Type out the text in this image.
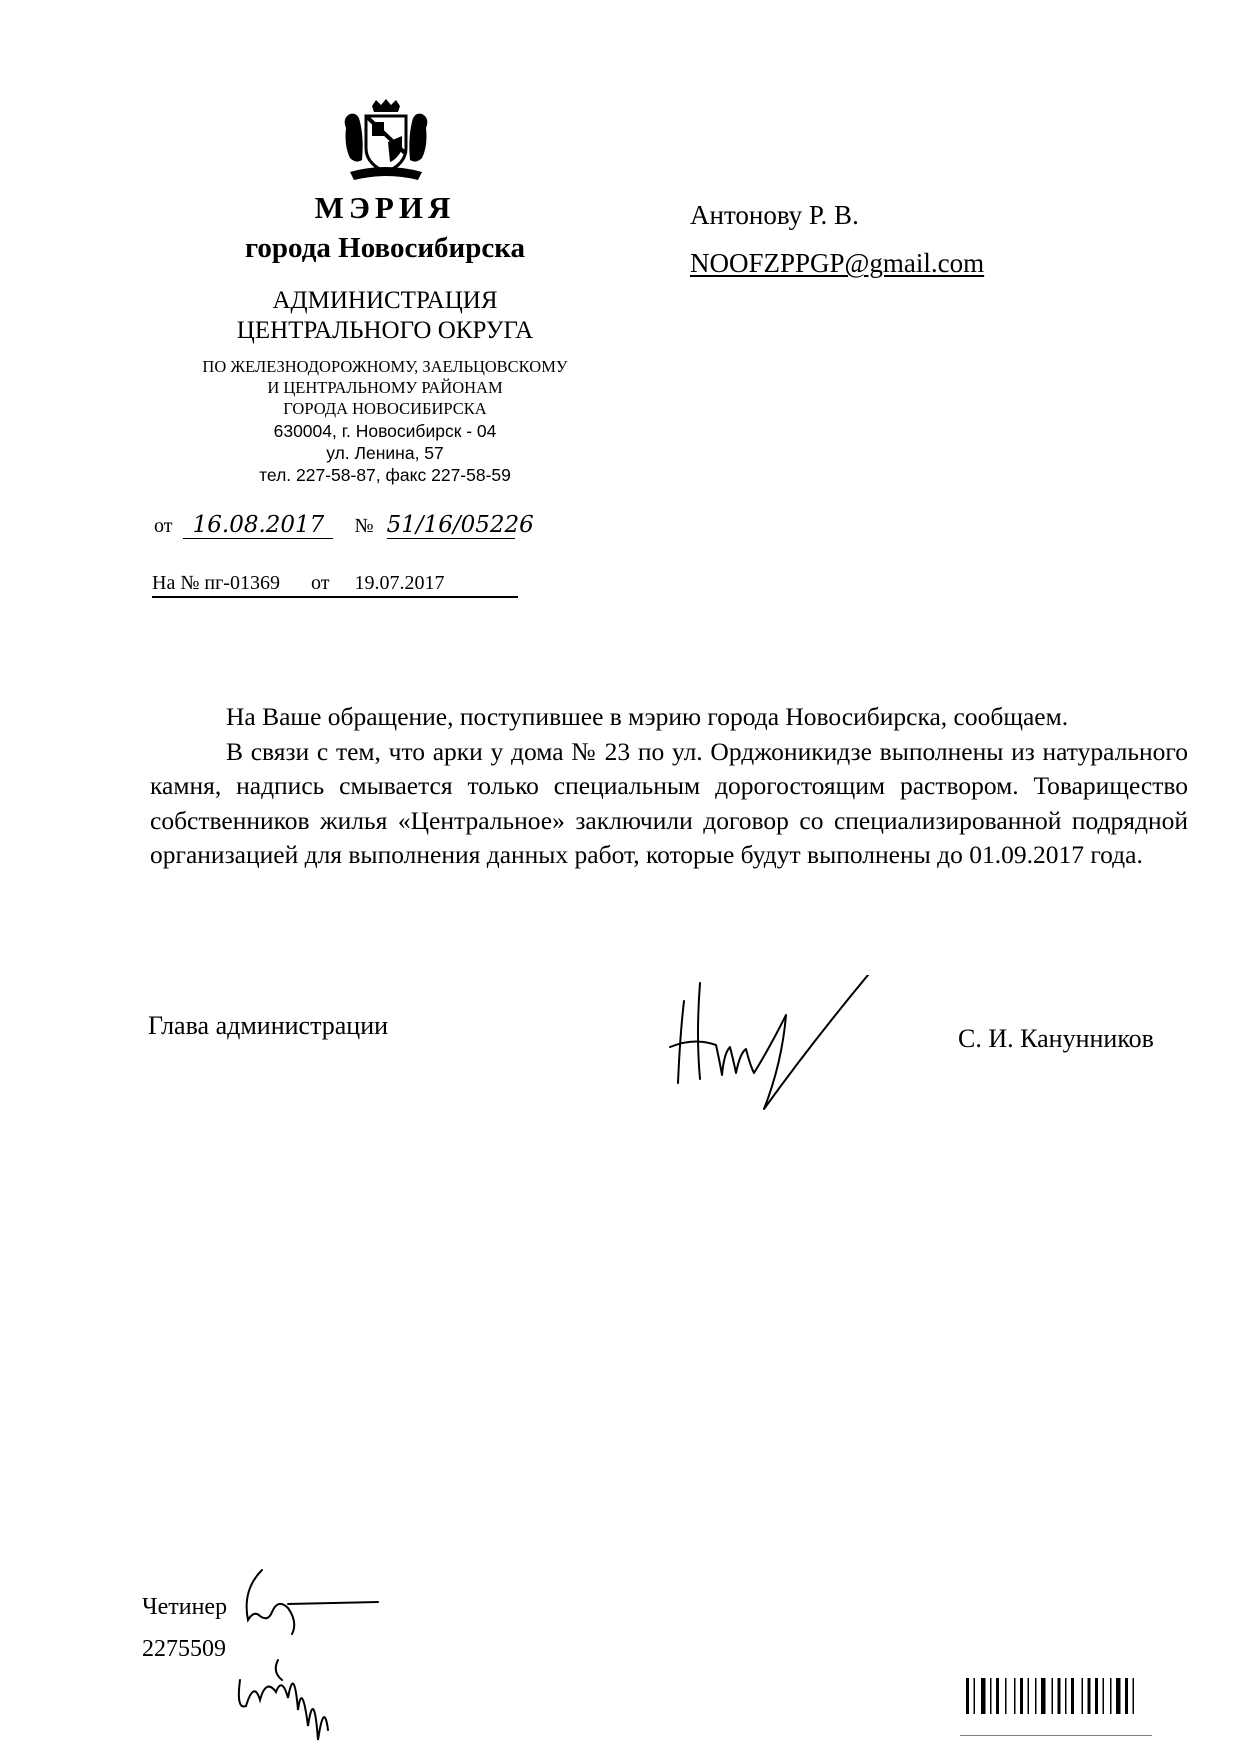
МЭРИЯ
города Новосибирска
АДМИНИСТРАЦИЯ
ЦЕНТРАЛЬНОГО ОКРУГА
ПО ЖЕЛЕЗНОДОРОЖНОМУ, ЗАЕЛЬЦОВСКОМУ
И ЦЕНТРАЛЬНОМУ РАЙОНАМ
ГОРОДА НОВОСИБИРСКА
630004, г. Новосибирск - 04
ул. Ленина, 57
тел. 227-58-87, факс 227-58-59
Антонову Р. В.
NOOFZPPGP@gmail.com
от 16.08.2017 № 51/16/05226
На № пг-01369 от 19.07.2017

На Ваше обращение, поступившее в мэрию города Новосибирска, сообщаем.

В связи с тем, что арки у дома № 23 по ул. Орджоникидзе выполнены из натурального камня, надпись смывается только специальным дорогостоящим раствором. Товарищество собственников жилья «Центральное» заключили договор со специализированной подрядной организацией для выполнения данных работ, которые будут выполнены до 01.09.2017 года.

Глава администрации	С. И. Канунников
Четинер
2275509
